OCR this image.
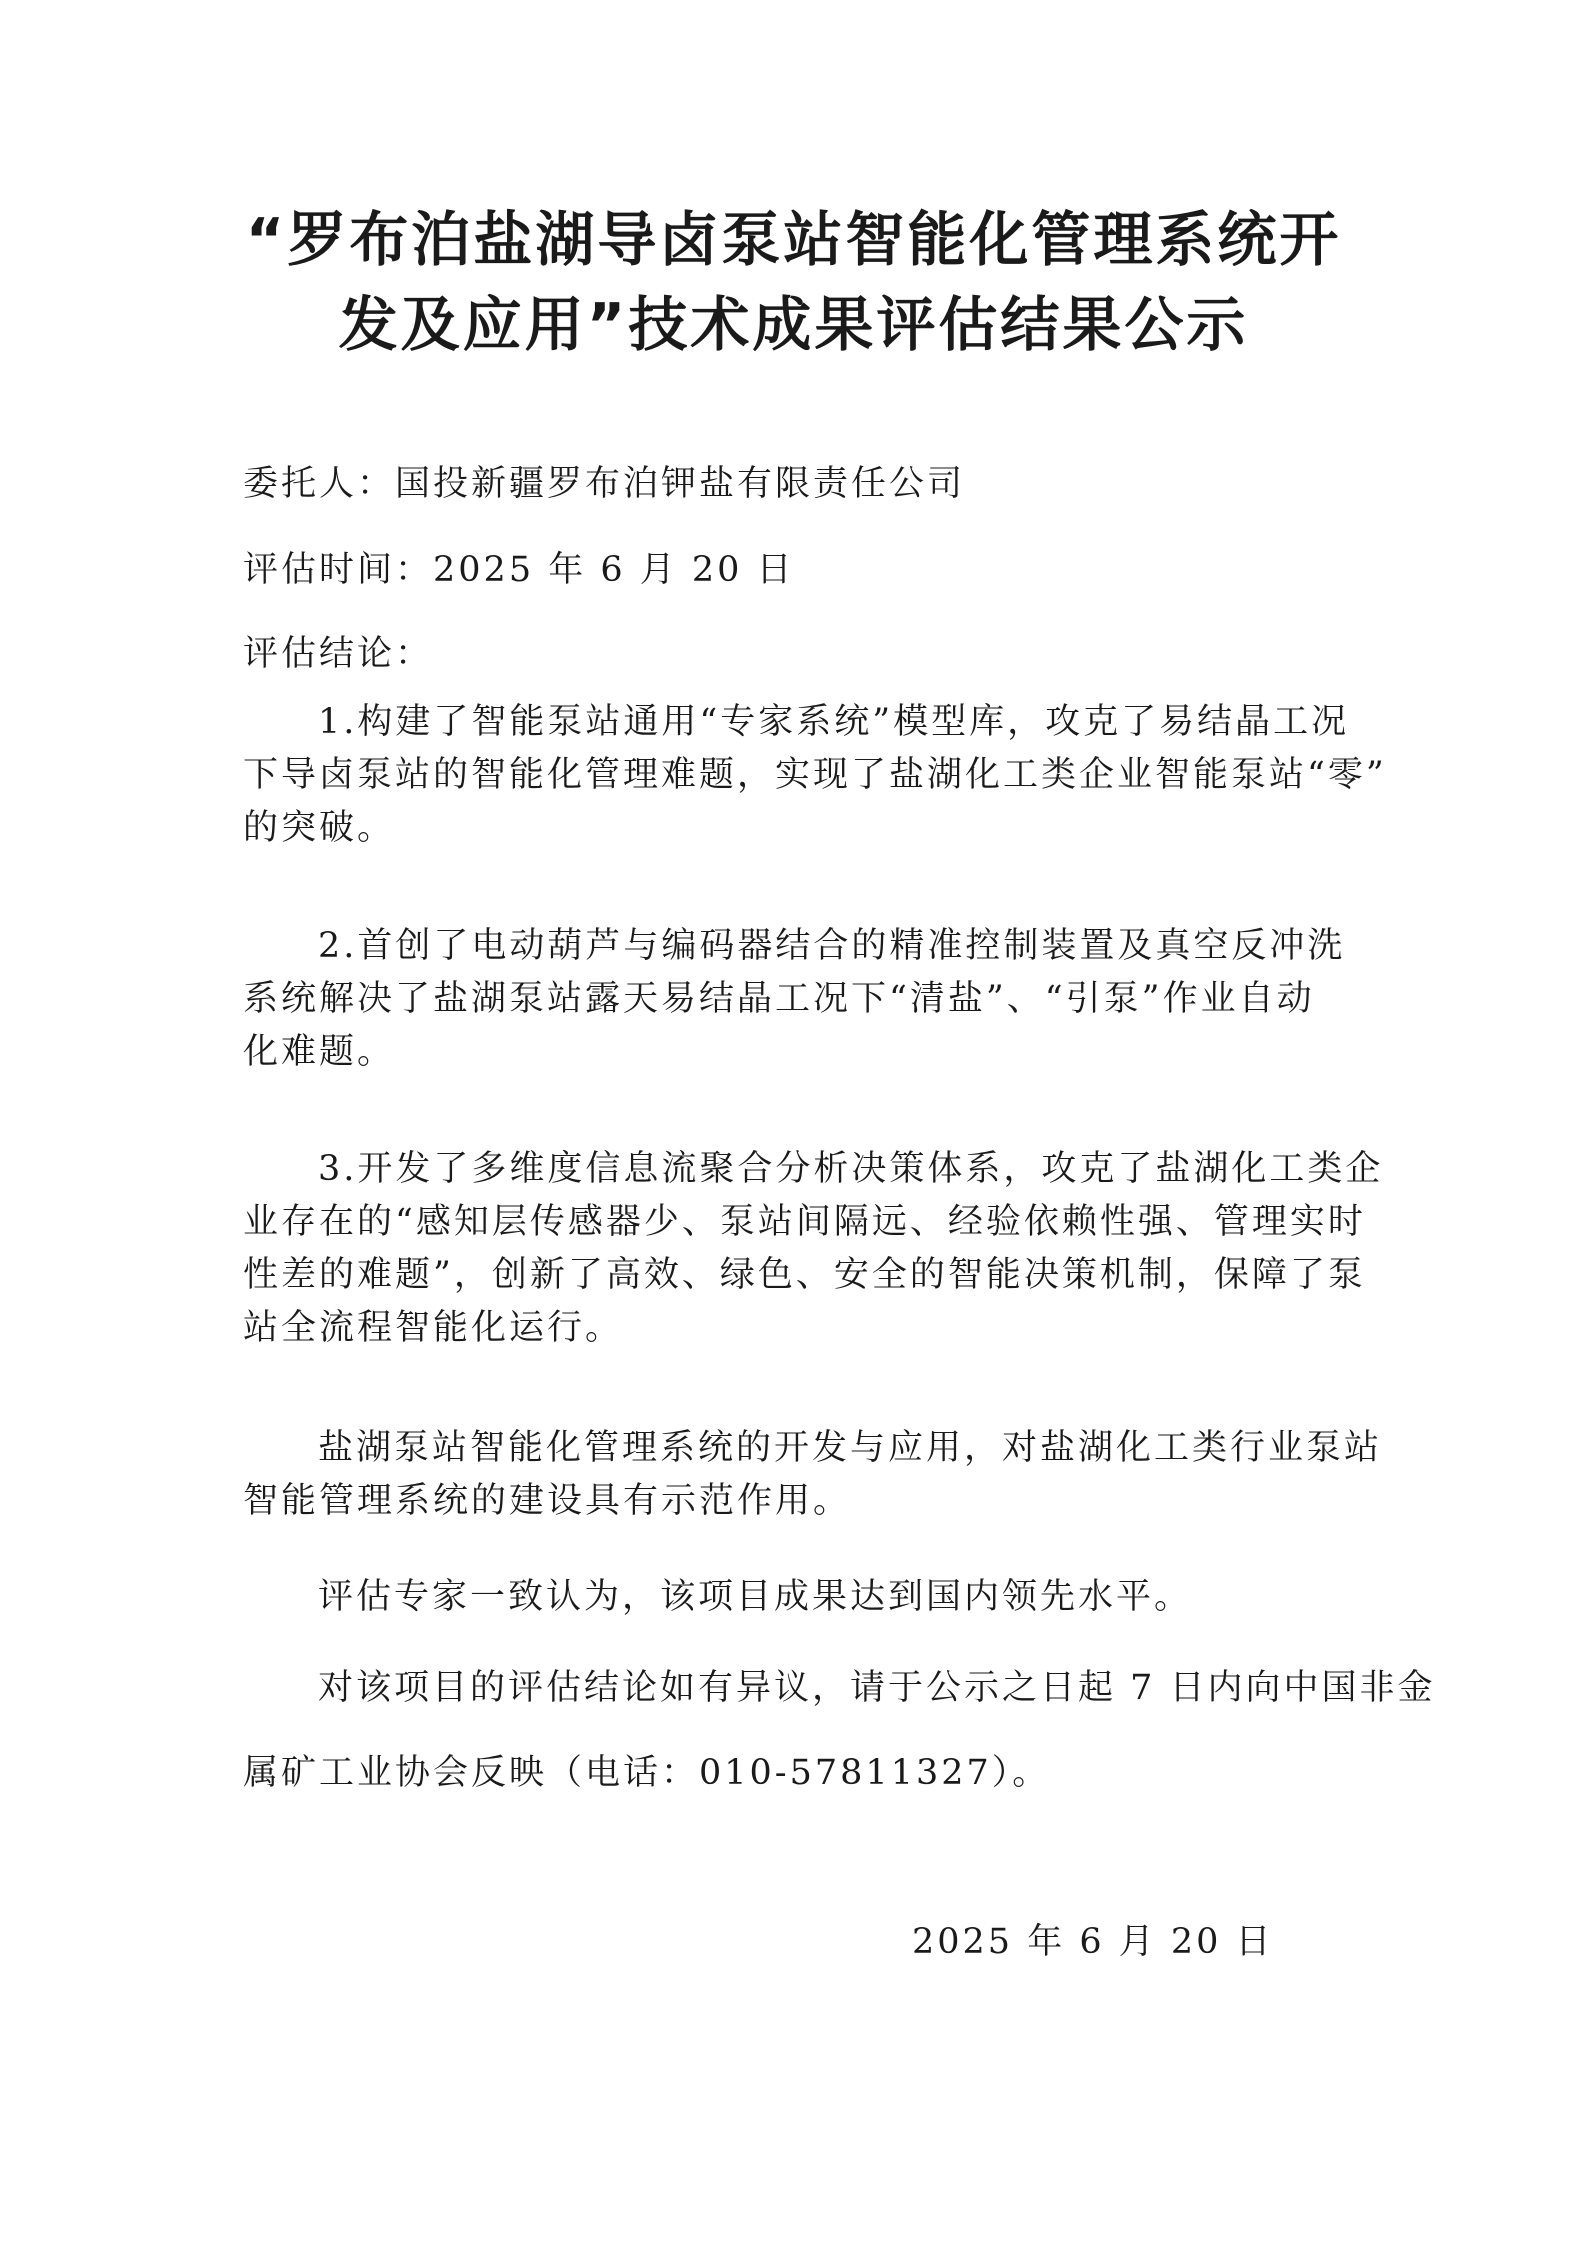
“罗布泊盐湖导卤泵站智能化管理系统开
发及应用”技术成果评估结果公示
委托人：国投新疆罗布泊钾盐有限责任公司
评估时间：2025 年 6 月 20 日
评估结论：
1.构建了智能泵站通用“专家系统”模型库，攻克了易结晶工况
下导卤泵站的智能化管理难题，实现了盐湖化工类企业智能泵站“零”
的突破。
2.首创了电动葫芦与编码器结合的精准控制装置及真空反冲洗
系统解决了盐湖泵站露天易结晶工况下“清盐”、“引泵”作业自动
化难题。
3.开发了多维度信息流聚合分析决策体系，攻克了盐湖化工类企
业存在的“感知层传感器少、泵站间隔远、经验依赖性强、管理实时
性差的难题”，创新了高效、绿色、安全的智能决策机制，保障了泵
站全流程智能化运行。
盐湖泵站智能化管理系统的开发与应用，对盐湖化工类行业泵站
智能管理系统的建设具有示范作用。
评估专家一致认为，该项目成果达到国内领先水平。
对该项目的评估结论如有异议，请于公示之日起 7 日内向中国非金
属矿工业协会反映（电话：010-57811327）。
2025 年 6 月 20 日
